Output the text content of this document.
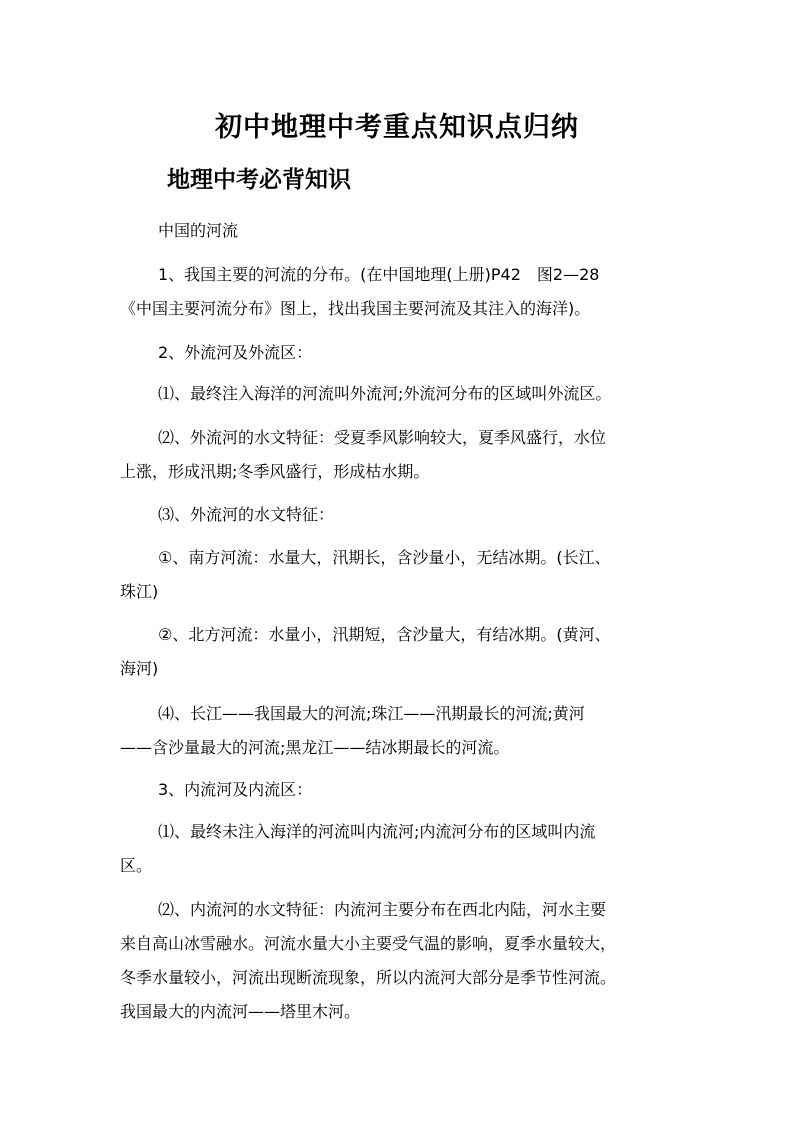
初中地理中考重点知识点归纳
地理中考必背知识

中国的河流

1、我国主要的河流的分布。(在中国地理(上册)P42　图2—28
《中国主要河流分布》图上，找出我国主要河流及其注入的海洋)。

2、外流河及外流区：

⑴、最终注入海洋的河流叫外流河;外流河分布的区域叫外流区。

⑵、外流河的水文特征：受夏季风影响较大，夏季风盛行，水位
上涨，形成汛期;冬季风盛行，形成枯水期。

⑶、外流河的水文特征：

①、南方河流：水量大，汛期长，含沙量小，无结冰期。(长江、
珠江)

②、北方河流：水量小，汛期短，含沙量大，有结冰期。(黄河、
海河)

⑷、长江——我国最大的河流;珠江——汛期最长的河流;黄河
——含沙量最大的河流;黑龙江——结冰期最长的河流。

3、内流河及内流区：

⑴、最终未注入海洋的河流叫内流河;内流河分布的区域叫内流
区。

⑵、内流河的水文特征：内流河主要分布在西北内陆，河水主要
来自高山冰雪融水。河流水量大小主要受气温的影响，夏季水量较大，
冬季水量较小，河流出现断流现象，所以内流河大部分是季节性河流。
我国最大的内流河——塔里木河。
